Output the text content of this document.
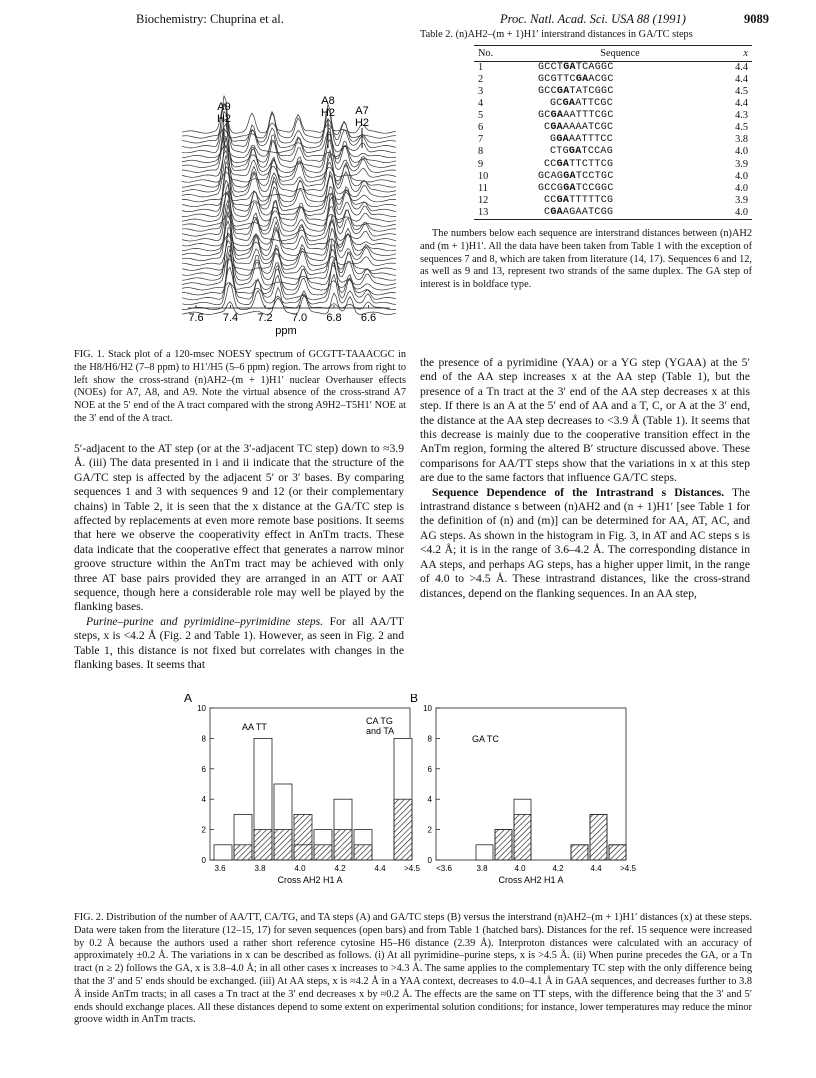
Biochemistry: Chuprina et al.	Proc. Natl. Acad. Sci. USA 88 (1991)	9089
A9
H2
A8
H2 A7
H2
7.6 7.4 7.2 7.0 6.8 6.6
ppm
FIG. 1. Stack plot of a 120-msec NOESY spectrum of GCGTT-TAAACGC in the H8/H6/H2 (7–8 ppm) to H1′/H5 (5–6 ppm) region. The arrows from right to left show the cross-strand (n)AH2–(m + 1)H1′ nuclear Overhauser effects (NOEs) for A7, A8, and A9. Note the virtual absence of the cross-strand A7 NOE at the 5′ end of the A tract compared with the strong A9H2–T5H1′ NOE at the 3′ end of the A tract.
Table 2. (n)AH2–(m + 1)H1′ interstrand distances in GA/TC steps
No.	Sequence	x
1	GCCTGATCAGGC	4.4
2	GCGTTCGAACGC	4.4
3	GCCGATATCGGC	4.5
4	GCGAATTCGC	4.4
5	GCGAAATTTCGC	4.3
6	CGAAAAATCGC	4.5
7	GGAAATTTCC	3.8
8	CTGGATCCAG	4.0
9	CCGATTCTTCG	3.9
10	GCAGGATCCTGC	4.0
11	GCCGGATCCGGC	4.0
12	CCGATTTTTCG	3.9
13	CGAAGAATCGG	4.0
The numbers below each sequence are interstrand distances between (n)AH2 and (m + 1)H1′. All the data have been taken from Table 1 with the exception of sequences 7 and 8, which are taken from literature (14, 17). Sequences 6 and 12, as well as 9 and 13, represent two strands of the same duplex. The GA step of interest is in boldface type.

5′-adjacent to the AT step (or at the 3′-adjacent TC step) down to ≈3.9 Å. (iii) The data presented in i and ii indicate that the structure of the GA/TC step is affected by the adjacent 5′ or 3′ bases. By comparing sequences 1 and 3 with sequences 9 and 12 (or their complementary chains) in Table 2, it is seen that the x distance at the GA/TC step is affected by replacements at even more remote base positions. It seems that here we observe the cooperativity effect in AnTm tracts. These data indicate that the cooperative effect that generates a narrow minor groove structure within the AnTm tract may be achieved with only three AT base pairs provided they are arranged in an ATT or AAT sequence, though here a considerable role may well be played by the flanking bases.

Purine–purine and pyrimidine–pyrimidine steps. For all AA/TT steps, x is <4.2 Å (Fig. 2 and Table 1). However, as seen in Fig. 2 and Table 1, this distance is not fixed but correlates with changes in the flanking bases. It seems that

the presence of a pyrimidine (YAA) or a YG step (YGAA) at the 5′ end of the AA step increases x at the AA step (Table 1), but the presence of a Tn tract at the 3′ end of the AA step decreases x at this step. If there is an A at the 5′ end of AA and a T, C, or A at the 3′ end, the distance at the AA step decreases to <3.9 Å (Table 1). It seems that this decrease is mainly due to the cooperative transition effect in the AnTm region, forming the altered B′ structure discussed above. These comparisons for AA/TT steps show that the variations in x at this step are due to the same factors that influence GA/TC steps.

Sequence Dependence of the Intrastrand s Distances. The intrastrand distance s between (n)AH2 and (n + 1)H1′ [see Table 1 for the definition of (n) and (m)] can be determined for AA, AT, AC, and AG steps. As shown in the histogram in Fig. 3, in AT and AC steps s is <4.2 Å; it is in the range of 3.6–4.2 Å. The corresponding distance in AA steps, and perhaps AG steps, has a higher upper limit, in the range of 4.0 to >4.5 Å. These intrastrand distances, like the cross-strand distances, depend on the flanking sequences. In an AA step,

A
0
2
4
6
8
10
3.6	3.8	4.0	4.2	4.4 >4.5
Cross AH2 H1 A
AA TT
CA TG
and TA
B
0
2
4
6
8
10
<3.6	3.8	4.0	4.2	4.4 >4.5
Cross AH2 H1 A
GA TC
FIG. 2. Distribution of the number of AA/TT, CA/TG, and TA steps (A) and GA/TC steps (B) versus the interstrand (n)AH2–(m + 1)H1′ distances (x) at these steps. Data were taken from the literature (12–15, 17) for seven sequences (open bars) and from Table 1 (hatched bars). Distances for the ref. 15 sequence were increased by 0.2 Å because the authors used a rather short reference cytosine H5–H6 distance (2.39 Å). Interproton distances were calculated with an accuracy of approximately ±0.2 Å. The variations in x can be described as follows. (i) At all pyrimidine–purine steps, x is >4.5 Å. (ii) When purine precedes the GA, or a Tn tract (n ≥ 2) follows the GA, x is 3.8–4.0 Å; in all other cases x increases to >4.3 Å. The same applies to the complementary TC step with the only difference being that the 3′ and 5′ ends should be exchanged. (iii) At AA steps, x is ≈4.2 Å in a YAA context, decreases to 4.0–4.1 Å in GAA sequences, and decreases further to 3.8 Å inside AnTm tracts; in all cases a Tn tract at the 3′ end decreases x by ≈0.2 Å. The effects are the same on TT steps, with the difference being that the 3′ and 5′ ends should exchange places. All these distances depend to some extent on experimental solution conditions; for instance, lower temperatures may reduce the minor groove width in AnTm tracts.
